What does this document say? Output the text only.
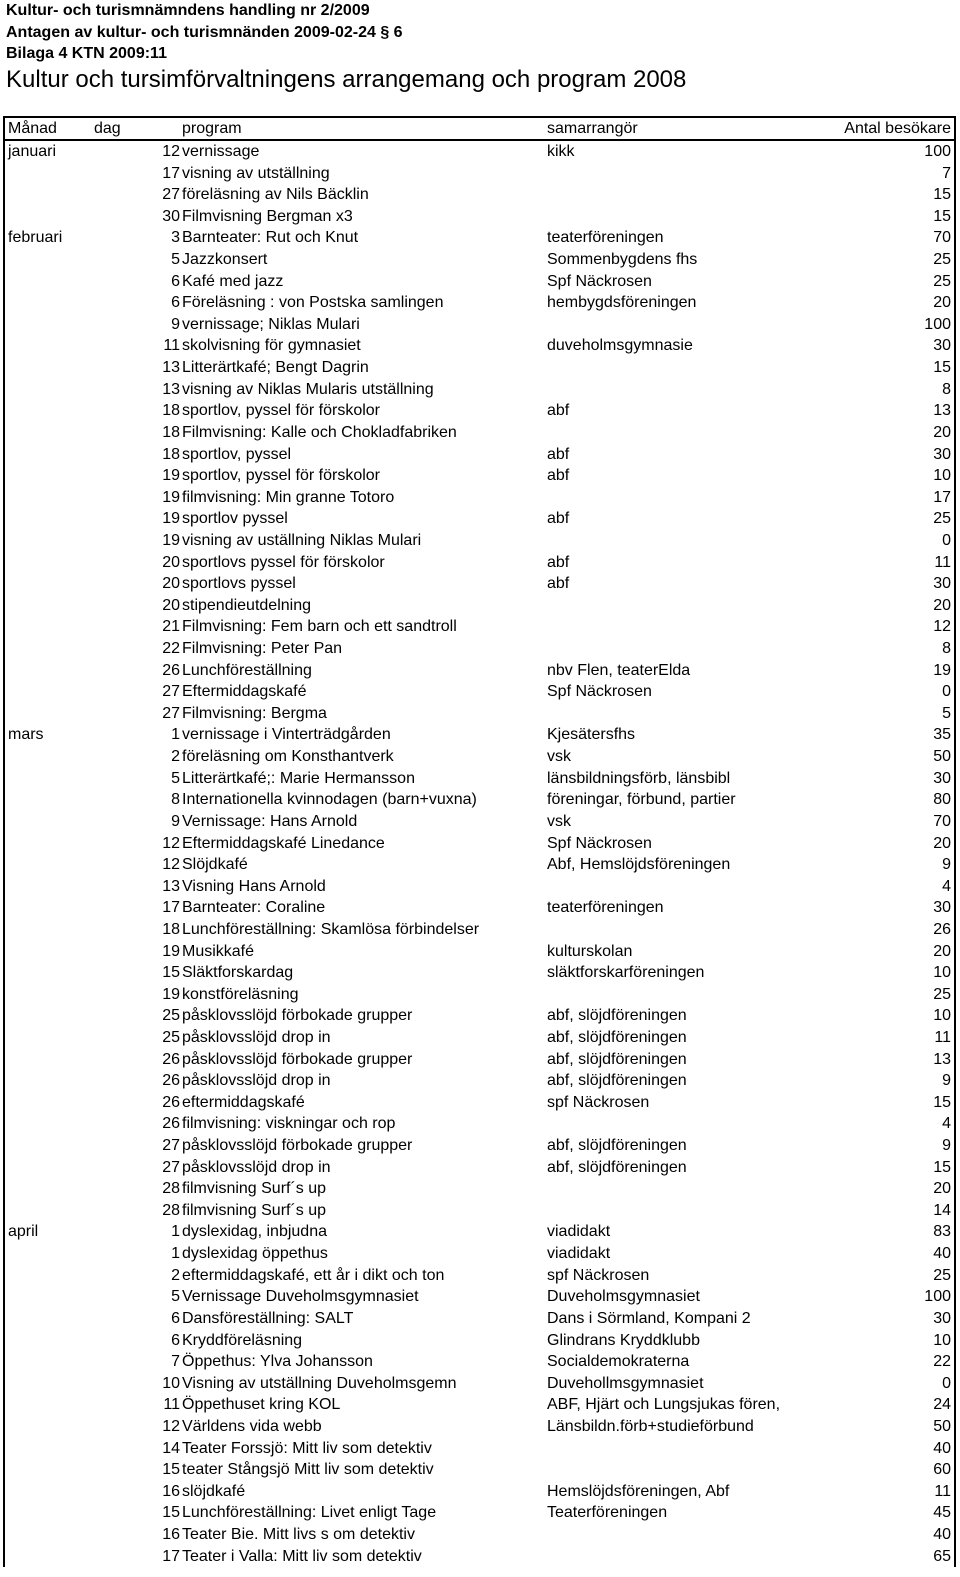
Kultur- och turismnämndens handling nr 2/2009
Antagen av kultur- och turismnänden 2009-02-24 § 6
Bilaga 4 KTN 2009:11
Kultur och tursimförvaltningens arrangemang och program 2008
Månad dag	program	samarrangör	Antal besökare
januari	12 vernissage	kikk	100
17 visning av utställning	7
27 föreläsning av Nils Bäcklin	15
30 Filmvisning Bergman x3	15
februari	3 Barnteater: Rut och Knut	teaterföreningen	70
5 Jazzkonsert	Sommenbygdens fhs	25
6 Kafé med jazz	Spf Näckrosen	25
6 Föreläsning : von Postska samlingen	hembygdsföreningen	20
9 vernissage; Niklas Mulari	100
11 skolvisning för gymnasiet	duveholmsgymnasie	30
13 Litterärtkafé; Bengt Dagrin	15
13 visning av Niklas Mularis utställning	8
18 sportlov, pyssel för förskolor	abf	13
18 Filmvisning: Kalle och Chokladfabriken	20
18 sportlov, pyssel	abf	30
19 sportlov, pyssel för förskolor	abf	10
19 filmvisning: Min granne Totoro	17
19 sportlov pyssel	abf	25
19 visning av uställning Niklas Mulari	0
20 sportlovs pyssel för förskolor	abf	11
20 sportlovs pyssel	abf	30
20 stipendieutdelning	20
21 Filmvisning: Fem barn och ett sandtroll	12
22 Filmvisning: Peter Pan	8
26 Lunchföreställning	nbv Flen, teaterElda	19
27 Eftermiddagskafé	Spf Näckrosen	0
27 Filmvisning: Bergma	5
mars	1 vernissage i Vinterträdgården	Kjesätersfhs	35
2 föreläsning om Konsthantverk	vsk	50
5 Litterärtkafé;: Marie Hermansson	länsbildningsförb, länsbibl	30
8 Internationella kvinnodagen (barn+vuxna)	föreningar, förbund, partier	80
9 Vernissage: Hans Arnold	vsk	70
12 Eftermiddagskafé Linedance	Spf Näckrosen	20
12 Slöjdkafé	Abf, Hemslöjdsföreningen	9
13 Visning Hans Arnold	4
17 Barnteater: Coraline	teaterföreningen	30
18 Lunchföreställning: Skamlösa förbindelser	26
19 Musikkafé	kulturskolan	20
15 Släktforskardag	släktforskarföreningen	10
19 konstföreläsning	25
25 påsklovsslöjd förbokade grupper	abf, slöjdföreningen	10
25 påsklovsslöjd drop in	abf, slöjdföreningen	11
26 påsklovsslöjd förbokade grupper	abf, slöjdföreningen	13
26 påsklovsslöjd drop in	abf, slöjdföreningen	9
26 eftermiddagskafé	spf Näckrosen	15
26 filmvisning: viskningar och rop	4
27 påsklovsslöjd förbokade grupper	abf, slöjdföreningen	9
27 påsklovsslöjd drop in	abf, slöjdföreningen	15
28 filmvisning Surf´s up	20
28 filmvisning Surf´s up	14
april	1 dyslexidag, inbjudna	viadidakt	83
1 dyslexidag öppethus	viadidakt	40
2 eftermiddagskafé, ett år i dikt och ton	spf Näckrosen	25
5 Vernissage Duveholmsgymnasiet	Duveholmsgymnasiet	100
6 Dansföreställning: SALT	Dans i Sörmland, Kompani 2	30
6 Kryddföreläsning	Glindrans Kryddklubb	10
7 Öppethus: Ylva Johansson	Socialdemokraterna	22
10 Visning av utställning Duveholmsgemn	Duvehollmsgymnasiet	0
11 Öppethuset kring KOL	ABF, Hjärt och Lungsjukas fören,	24
12 Världens vida webb	Länsbildn.förb+studieförbund	50
14 Teater Forssjö: Mitt liv som detektiv	40
15 teater Stångsjö Mitt liv som detektiv	60
16 slöjdkafé	Hemslöjdsföreningen, Abf	11
15 Lunchföreställning: Livet enligt Tage	Teaterföreningen	45
16 Teater Bie. Mitt livs s om detektiv	40
17 Teater i Valla: Mitt liv som detektiv	65
